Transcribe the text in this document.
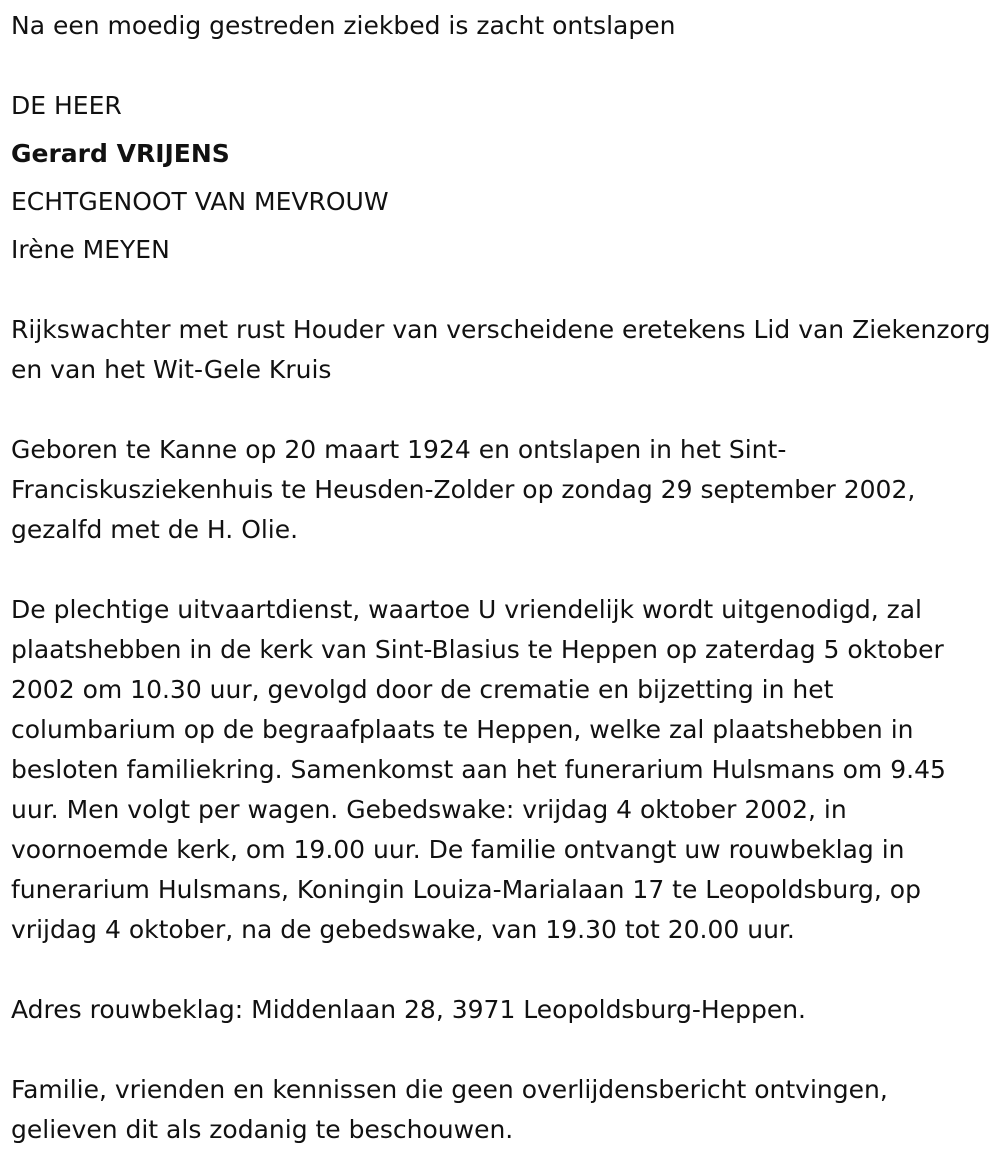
Na een moedig gestreden ziekbed is zacht ontslapen
DE HEER
Gerard VRIJENS
ECHTGENOOT VAN MEVROUW
Irène MEYEN

Rijkswachter met rust Houder van verscheidene eretekens Lid van Ziekenzorg en van het Wit-Gele Kruis

Geboren te Kanne op 20 maart 1924 en ontslapen in het Sint-Franciskusziekenhuis te Heusden-Zolder op zondag 29 september 2002, gezalfd met de H. Olie.

De plechtige uitvaartdienst, waartoe U vriendelijk wordt uitgenodigd, zal plaatshebben in de kerk van Sint-Blasius te Heppen op zaterdag 5 oktober 2002 om 10.30 uur, gevolgd door de crematie en bijzetting in het columbarium op de begraafplaats te Heppen, welke zal plaatshebben in besloten familiekring. Samenkomst aan het funerarium Hulsmans om 9.45 uur. Men volgt per wagen. Gebedswake: vrijdag 4 oktober 2002, in voornoemde kerk, om 19.00 uur. De familie ontvangt uw rouwbeklag in funerarium Hulsmans, Koningin Louiza-Marialaan 17 te Leopoldsburg, op vrijdag 4 oktober, na de gebedswake, van 19.30 tot 20.00 uur.

Adres rouwbeklag: Middenlaan 28, 3971 Leopoldsburg-Heppen.

Familie, vrienden en kennissen die geen overlijdensbericht ontvingen, gelieven dit als zodanig te beschouwen.
